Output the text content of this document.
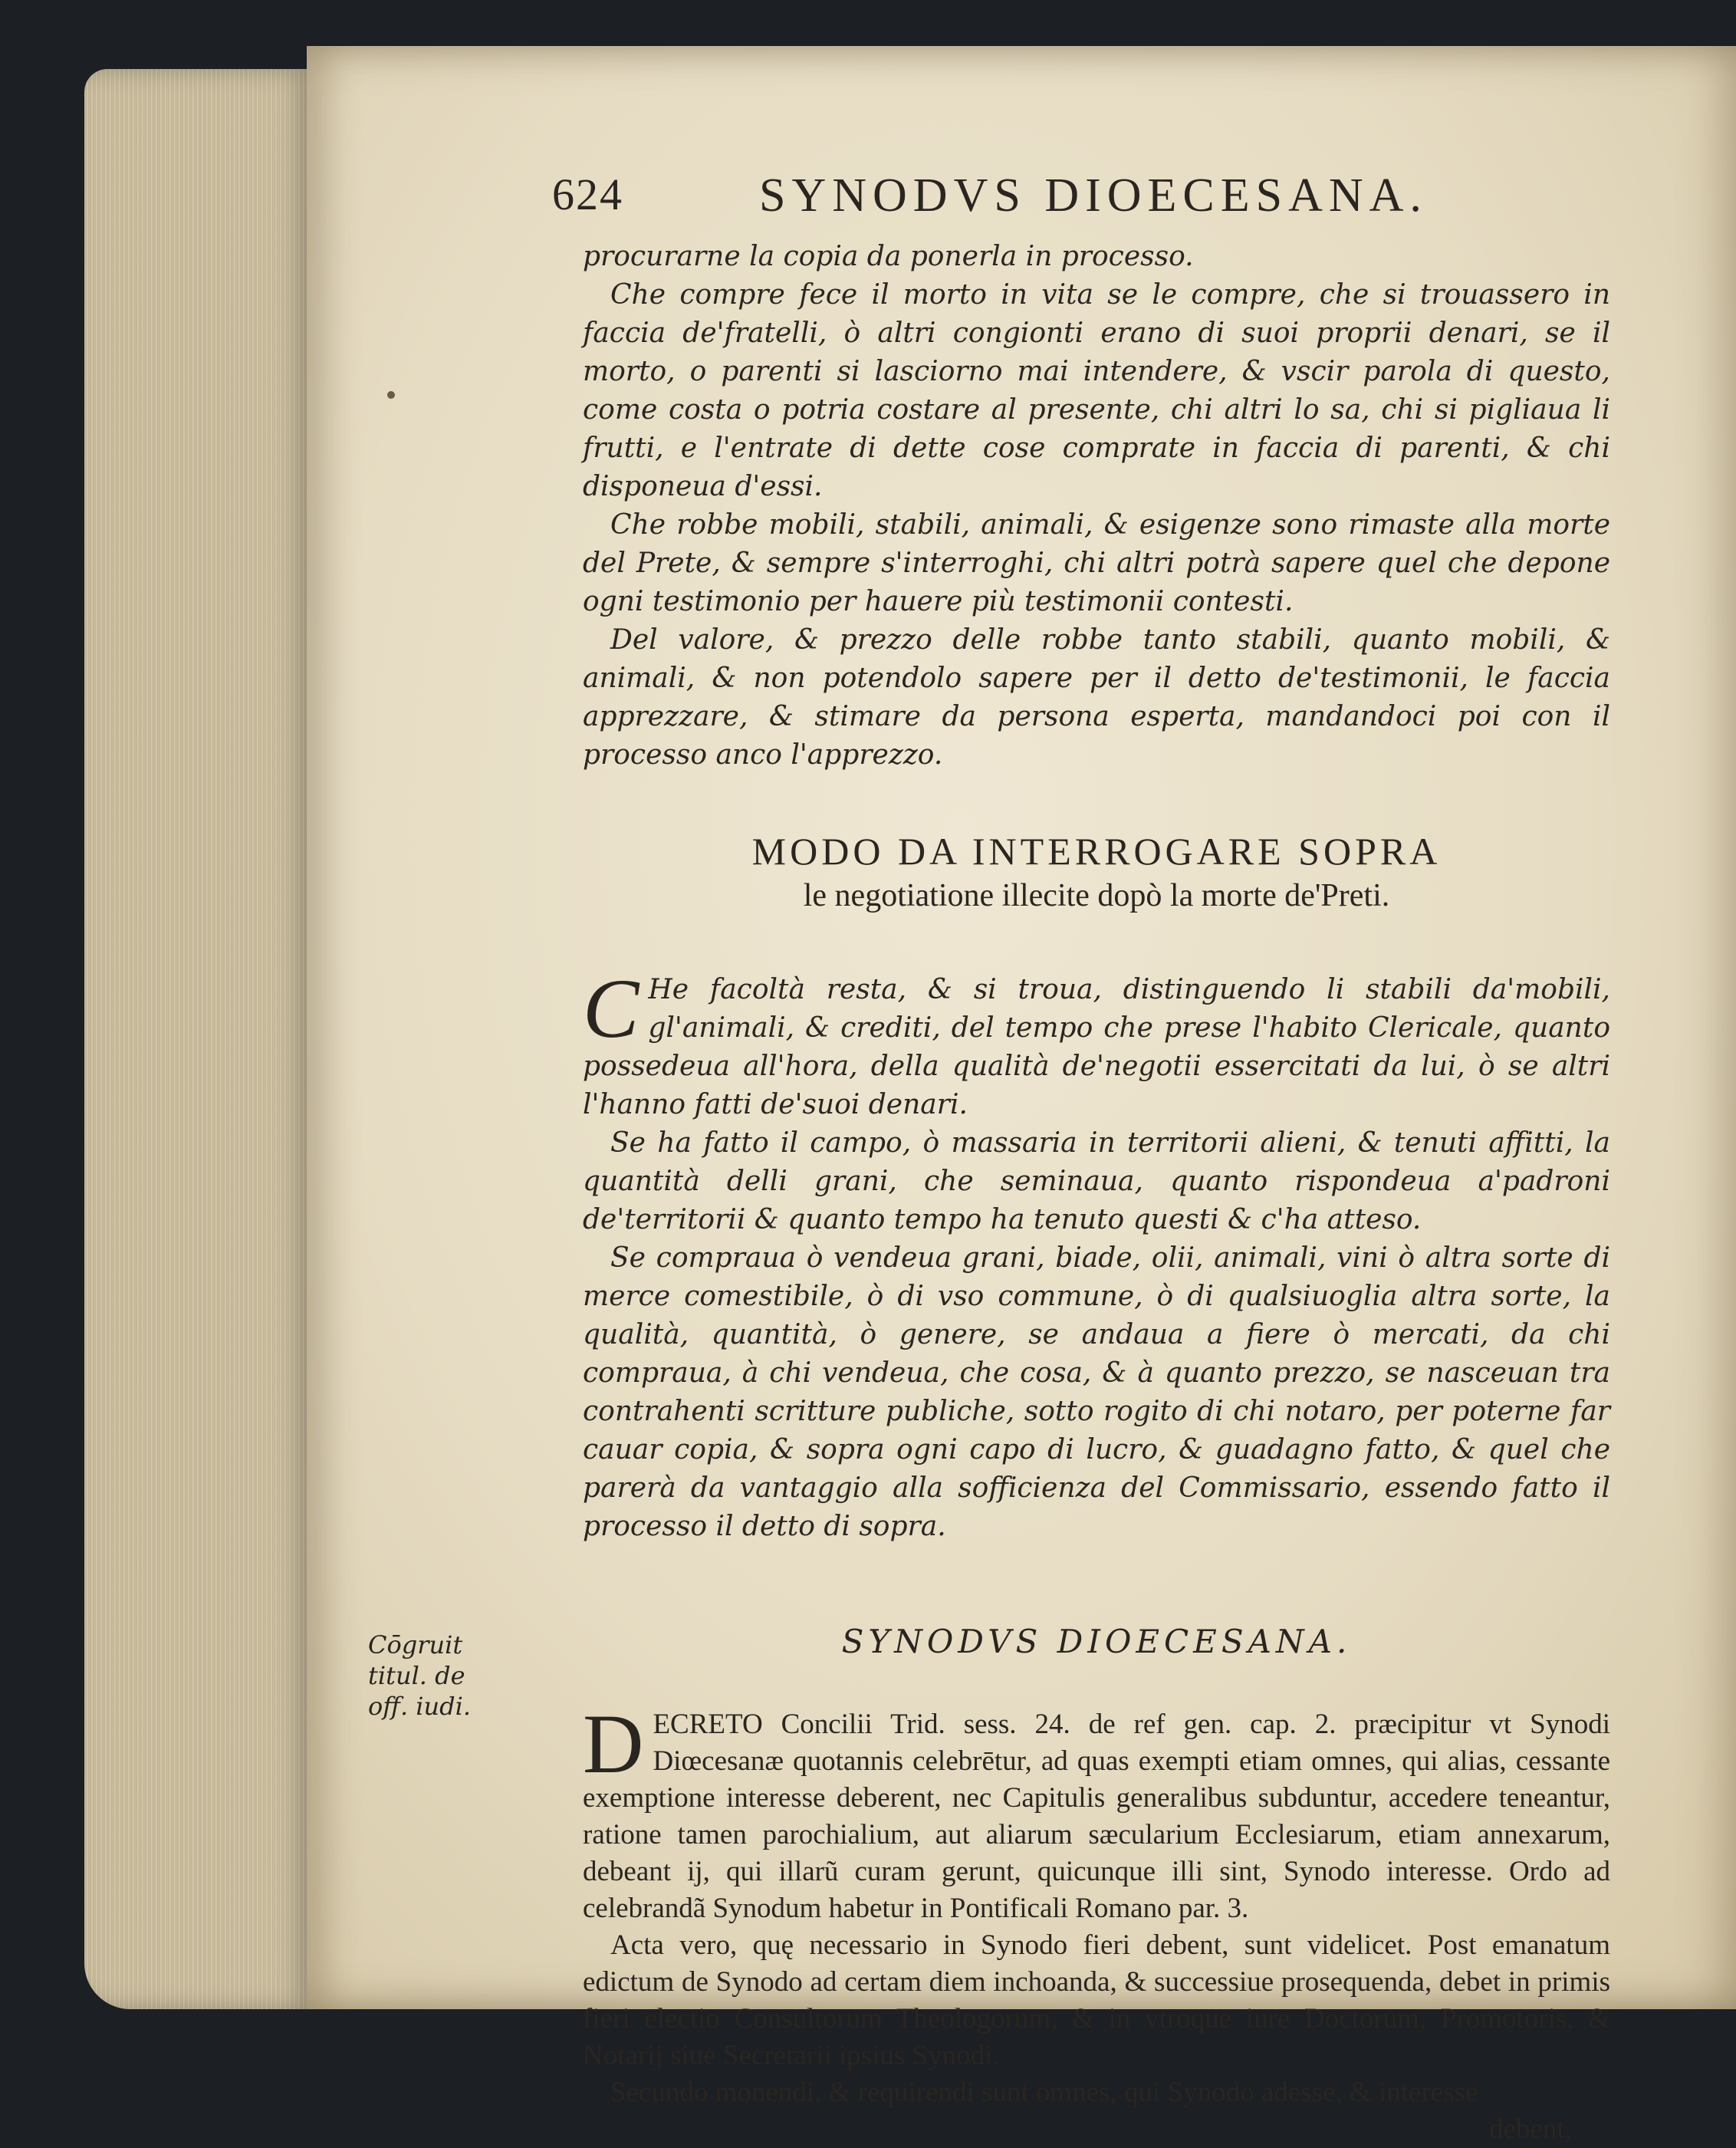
624	SYNODVS DIOECESANA.

procurarne la copia da ponerla in processo.

Che compre fece il morto in vita se le compre, che si trouassero in faccia de'fratelli, ò altri congionti erano di suoi proprii denari, se il morto, o parenti si lasciorno mai intendere, & vscir parola di questo, come costa o potria costare al presente, chi altri lo sa, chi si pigliaua li frutti, e l'entrate di dette cose comprate in faccia di parenti, & chi disponeua d'essi.

Che robbe mobili, stabili, animali, & esigenze sono rimaste alla morte del Prete, & sempre s'interroghi, chi altri potrà sapere quel che depone ogni testimonio per hauere più testimonii contesti.

Del valore, & prezzo delle robbe tanto stabili, quanto mobili, & animali, & non potendolo sapere per il detto de'testimonii, le faccia apprezzare, & stimare da persona esperta, mandandoci poi con il processo anco l'apprezzo.

MODO DA INTERROGARE SOPRA
le negotiatione illecite dopò la morte de'Preti.

C He facoltà resta, & si troua, distinguendo li stabili da'mobili, gl'animali, & crediti, del tempo che prese l'habito Clericale, quanto possedeua all'hora, della qualità de'negotii essercitati da lui, ò se altri l'hanno fatti de'suoi denari.

Se ha fatto il campo, ò massaria in territorii alieni, & tenuti affitti, la quantità delli grani, che seminaua, quanto rispondeua a'padroni de'territorii & quanto tempo ha tenuto questi & c'ha atteso.

Se compraua ò vendeua grani, biade, olii, animali, vini ò altra sorte di merce comestibile, ò di vso commune, ò di qualsiuoglia altra sorte, la qualità, quantità, ò genere, se andaua a fiere ò mercati, da chi compraua, à chi vendeua, che cosa, & à quanto prezzo, se nasceuan tra contrahenti scritture publiche, sotto rogito di chi notaro, per poterne far cauar copia, & sopra ogni capo di lucro, & guadagno fatto, & quel che parerà da vantaggio alla sofficienza del Commissario, essendo fatto il processo il detto di sopra.

SYNODVS DIOECESANA.

D ECRETO Concilii Trid. sess. 24. de ref gen. cap. 2. præcipitur vt Synodi Diœcesanæ quotannis celebrētur, ad quas exempti etiam omnes, qui alias, cessante exemptione interesse deberent, nec Capitulis generalibus subduntur, accedere teneantur, ratione tamen parochialium, aut aliarum sæcularium Ecclesiarum, etiam annexarum, debeant ij, qui illarũ curam gerunt, quicunque illi sint, Synodo interesse. Ordo ad celebrandã Synodum habetur in Pontificali Romano par. 3.

Acta vero, quę necessario in Synodo fieri debent, sunt videlicet. Post emanatum edictum de Synodo ad certam diem inchoanda, & successiue prosequenda, debet in primis fieri electio Consultorum Theologorum, & in vtroque iure Doctorum, Promotoris, & Notarij siue Secretarii ipsius Synodi.

Secundo monendi, & requirendi sunt omnes, qui Synodo adesse, & interesse

debent,
Cōgruit titul. de off. iudi.
